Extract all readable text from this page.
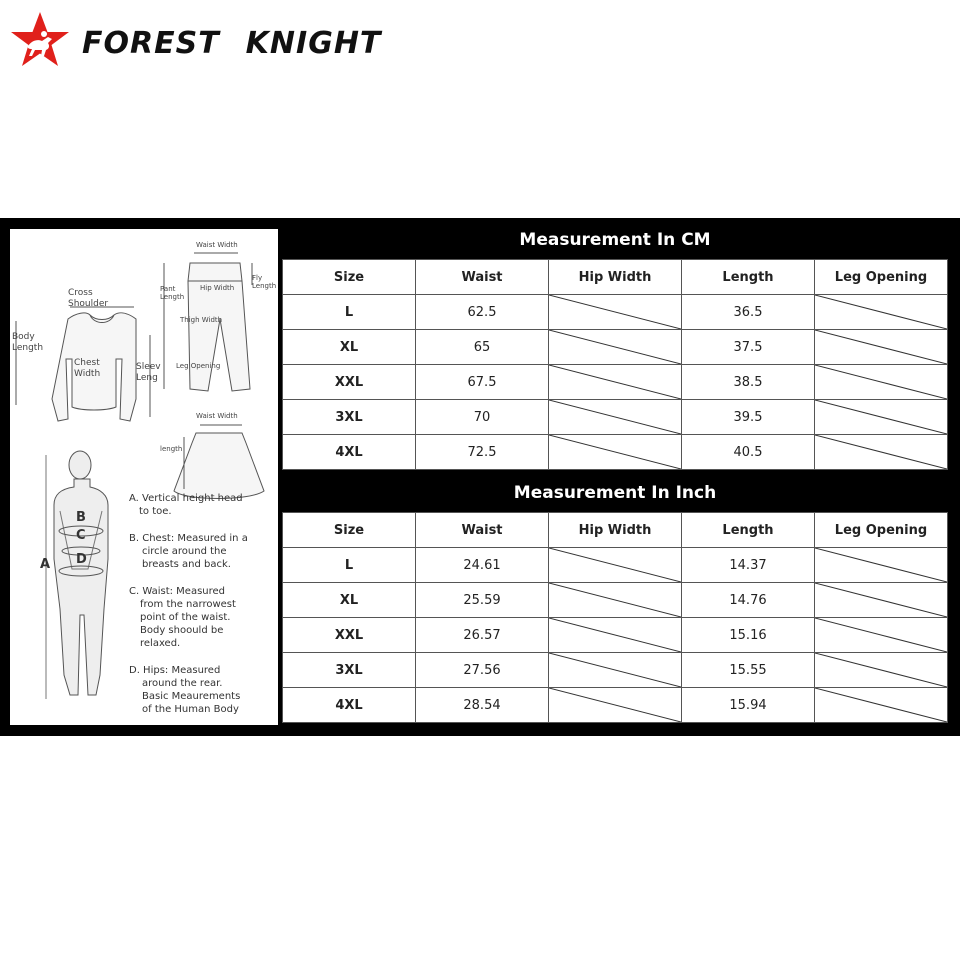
FOREST KNIGHT
Cross
Shoulder
Body
Length
Chest
Width
Sleev
Leng
Waist Width
Pant
Length
Hip Width
Fly
Length
Thigh Width
Leg Opening
Waist Width
length
B
C
D
A
A. Vertical height head
to toe.
B. Chest: Measured in a
circle around the
breasts and back.
C. Waist: Measured
from the narrowest
point of the waist.
Body shoould be
relaxed.
D. Hips: Measured
around the rear.
Basic Meaurements
of the Human Body
Measurement In CM
Size	Waist	Hip Width	Length	Leg Opening
L	62.5		36.5	

XL	65		37.5	

XXL	67.5		38.5	

3XL	70		39.5	

4XL	72.5		40.5	
Measurement In Inch
Size	Waist	Hip Width	Length	Leg Opening
L	24.61		14.37	

XL	25.59		14.76	

XXL	26.57		15.16	

3XL	27.56		15.55	

4XL	28.54		15.94	
